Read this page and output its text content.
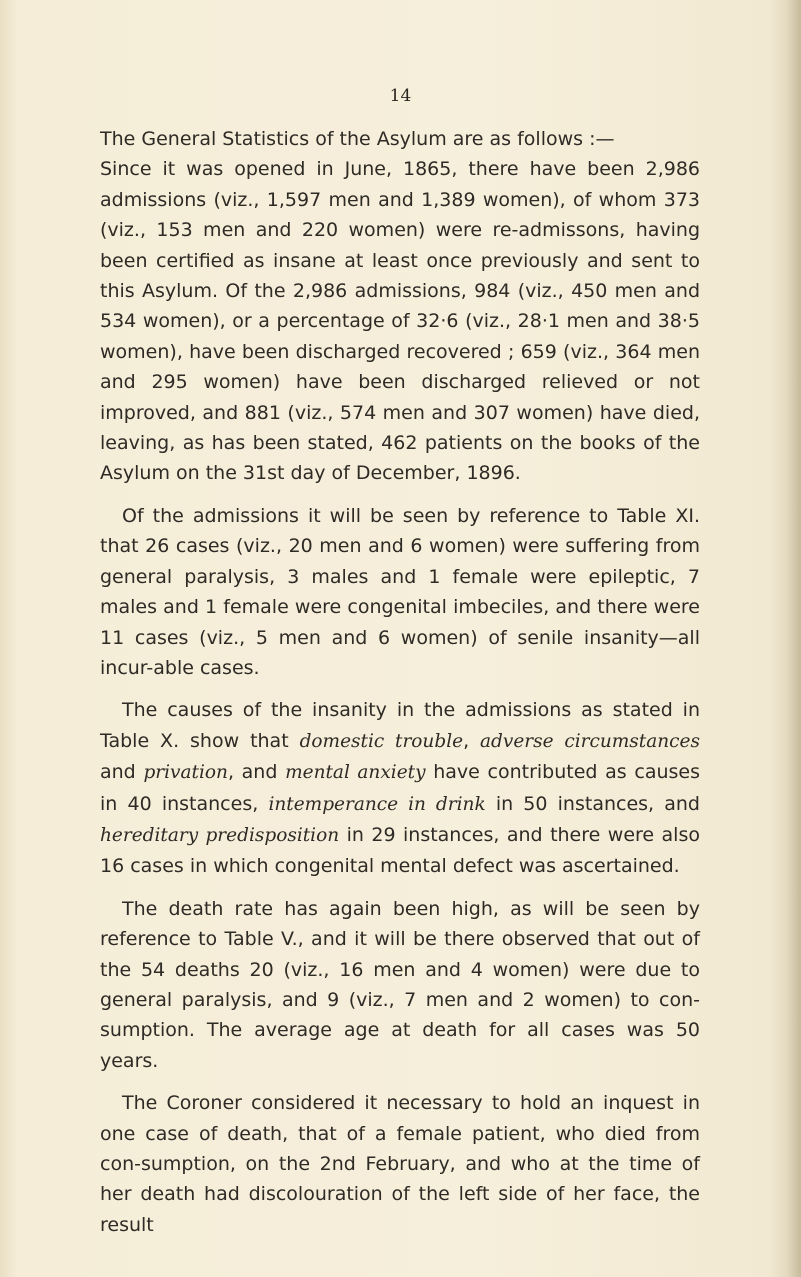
14

The General Statistics of the Asylum are as follows :—
Since it was opened in June, 1865, there have been 2,986 admissions (viz., 1,597 men and 1,389 women), of whom 373 (viz., 153 men and 220 women) were re-admissons, having been certified as insane at least once previously and sent to this Asylum. Of the 2,986 admissions, 984 (viz., 450 men and 534 women), or a percentage of 32·6 (viz., 28·1 men and 38·5 women), have been discharged recovered ; 659 (viz., 364 men and 295 women) have been discharged relieved or not improved, and 881 (viz., 574 men and 307 women) have died, leaving, as has been stated, 462 patients on the books of the Asylum on the 31st day of December, 1896.

Of the admissions it will be seen by reference to Table XI. that 26 cases (viz., 20 men and 6 women) were suffering from general paralysis, 3 males and 1 female were epileptic, 7 males and 1 female were congenital imbeciles, and there were 11 cases (viz., 5 men and 6 women) of senile insanity—all incur-able cases.

The causes of the insanity in the admissions as stated in Table X. show that domestic trouble, adverse circumstances and privation, and mental anxiety have contributed as causes in 40 instances, intemperance in drink in 50 instances, and hereditary predisposition in 29 instances, and there were also 16 cases in which congenital mental defect was ascertained.

The death rate has again been high, as will be seen by reference to Table V., and it will be there observed that out of the 54 deaths 20 (viz., 16 men and 4 women) were due to general paralysis, and 9 (viz., 7 men and 2 women) to con-sumption. The average age at death for all cases was 50 years.

The Coroner considered it necessary to hold an inquest in one case of death, that of a female patient, who died from con-sumption, on the 2nd February, and who at the time of her death had discolouration of the left side of her face, the result
